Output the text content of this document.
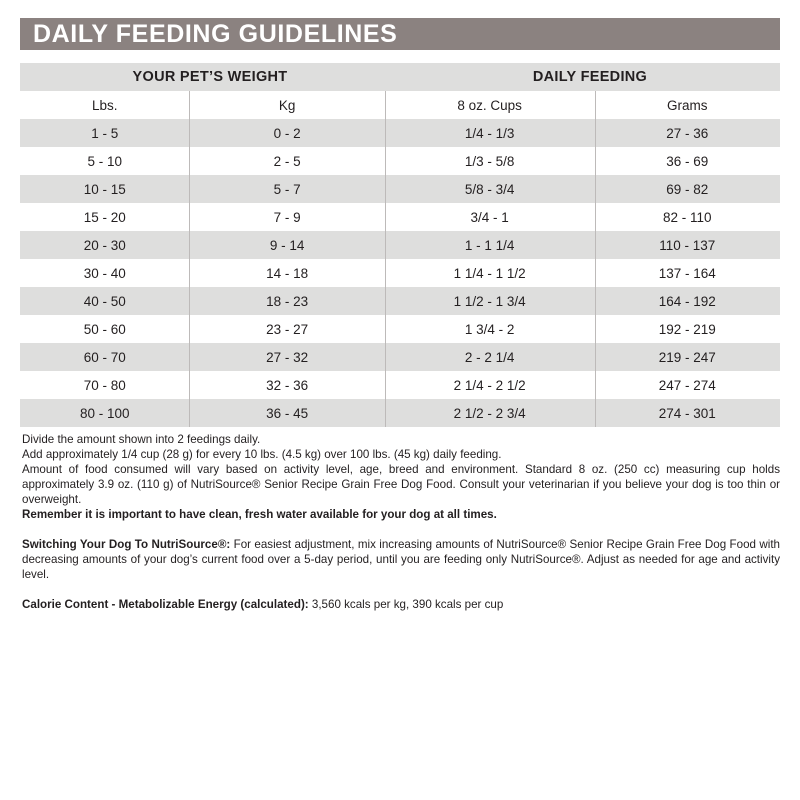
DAILY FEEDING GUIDELINES
YOUR PET’S WEIGHT	DAILY FEEDING
Lbs.	Kg	8 oz. Cups	Grams
1 - 5	0 - 2	1/4 - 1/3	27 - 36
5 - 10	2 - 5	1/3 - 5/8	36 - 69
10 - 15	5 - 7	5/8 - 3/4	69 - 82
15 - 20	7 - 9	3/4 - 1	82 - 110
20 - 30	9 - 14	1 - 1 1/4	110 - 137
30 - 40	14 - 18	1 1/4 - 1 1/2	137 - 164
40 - 50	18 - 23	1 1/2 - 1 3/4	164 - 192
50 - 60	23 - 27	1 3/4 - 2	192 - 219
60 - 70	27 - 32	2 - 2 1/4	219 - 247
70 - 80	32 - 36	2 1/4 - 2 1/2	247 - 274
80 - 100	36 - 45	2 1/2 - 2 3/4	274 - 301

Divide the amount shown into 2 feedings daily.

Add approximately 1/4 cup (28 g) for every 10 lbs. (4.5 kg) over 100 lbs. (45 kg) daily feeding.

Amount of food consumed will vary based on activity level, age, breed and environment. Standard 8 oz. (250 cc) measuring cup holds approximately 3.9 oz. (110 g) of NutriSource® Senior Recipe Grain Free Dog Food. Consult your veterinarian if you believe your dog is too thin or overweight.

Remember it is important to have clean, fresh water available for your dog at all times.

Switching Your Dog To NutriSource®: For easiest adjustment, mix increasing amounts of NutriSource® Senior Recipe Grain Free Dog Food with decreasing amounts of your dog’s current food over a 5-day period, until you are feeding only NutriSource®. Adjust as needed for age and activity level.

Calorie Content - Metabolizable Energy (calculated): 3,560 kcals per kg, 390 kcals per cup
